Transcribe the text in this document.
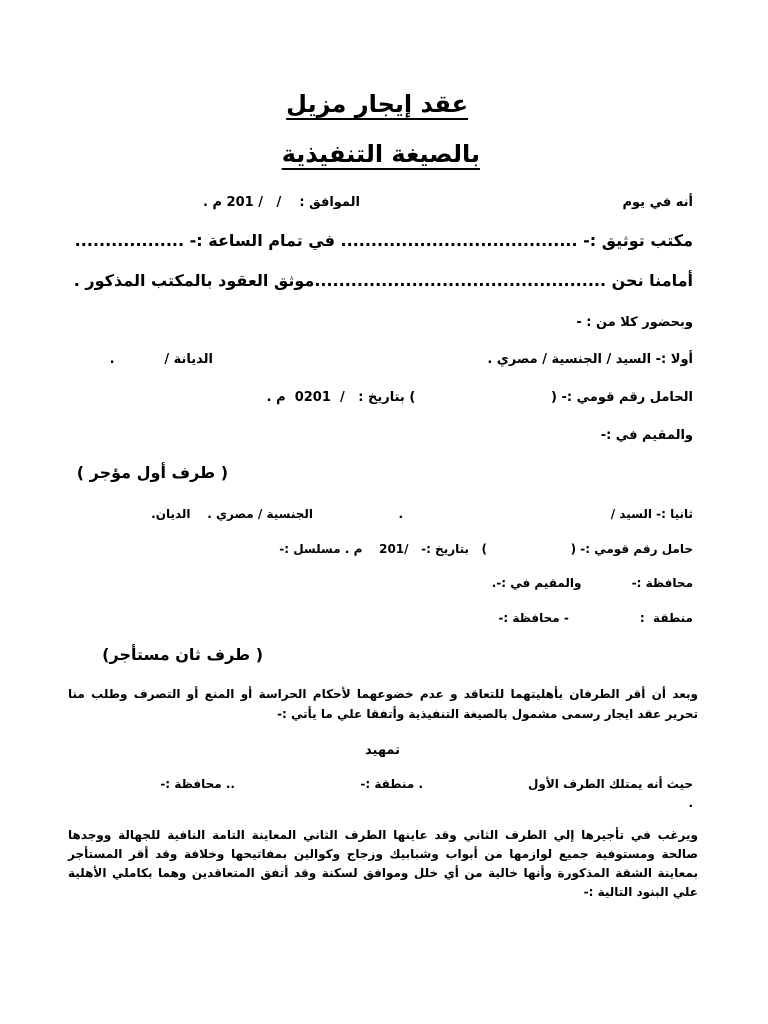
عقد إيجار مزيل
بالصيغة التنفيذية
أنه في يوم
الموافق :    /   / 201 م .
مكتب توثيق :- ....................................... في تمام الساعة :- ..................
أمامنا نحن ................................................موثق العقود بالمكتب المذكور .
وبحضور كلا من : -
أولا :- السيد / الجنسية / مصري .
الديانة /           .
الحامل رقم قومي :- (                              ) بتاريخ :   /  0201  م .
والمقيم في :-
( طرف أول مؤجر )
ثانيا :- السيد /
.
الجنسية / مصري .    الديان.
حامل رقم قومي :- (                    )   بتاريخ :-   /201    م . مسلسل :-
محافظة :-            والمقيم في :-.
منطقة  :                 - محافظة :-
( طرف ثان مستأجر)
وبعد أن أقر الطرفان بأهليتهما للتعاقد و عدم خضوعهما لأحكام الحراسة أو المنع أو التصرف وطلب منا تحرير عقد ايجار رسمى مشمول بالصيغة التنفيذية وأتفقا علي ما يأتي :-
تمهيد
حيث أنه يمتلك الطرف الأول
. منطقة :-
.. محافظة :-
.
ويرغب في تأجيرها إلي الطرف الثاني وقد عاينها الطرف الثاني المعاينة التامة النافية للجهالة ووجدها صالحة ومستوفية جميع لوازمها من أبواب وشبابيك وزجاج وكوالين بمفاتيحها وخلافة وقد أقر المستأجر بمعاينة الشقة المذكورة وأنها خالية من أي خلل وموافق لسكنة وقد أتفق المتعاقدين وهما بكاملي الأهلية علي البنود التالية :-
